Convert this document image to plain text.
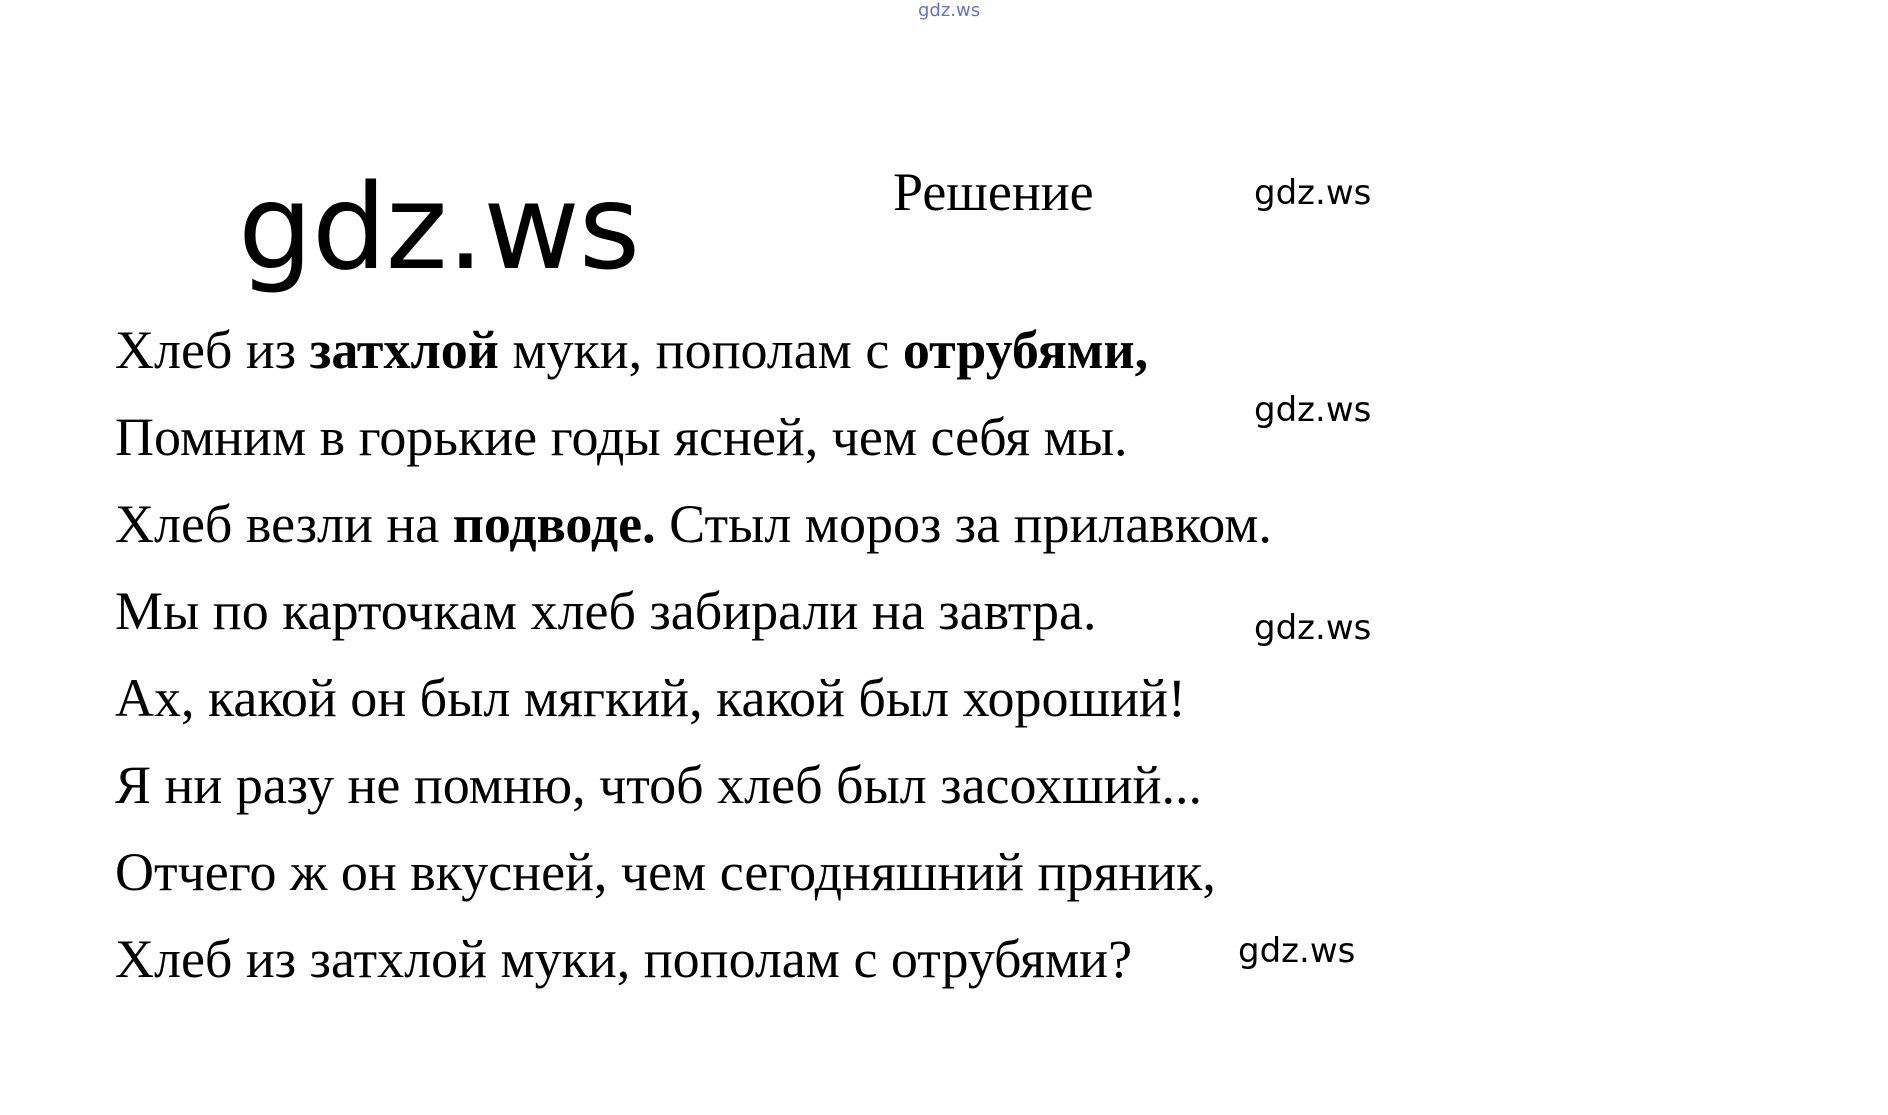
gdz.ws
gdz.ws	Решение	gdz.ws
gdz.ws
gdz.ws
gdz.ws
Хлеб из затхлой муки, пополам с отрубями,
Помним в горькие годы ясней, чем себя мы.
Хлеб везли на подводе. Стыл мороз за прилавком.
Мы по карточкам хлеб забирали на завтра.
Ах, какой он был мягкий, какой был хороший!
Я ни разу не помню, чтоб хлеб был засохший...
Отчего ж он вкусней, чем сегодняшний пряник,
Хлеб из затхлой муки, пополам с отрубями?
